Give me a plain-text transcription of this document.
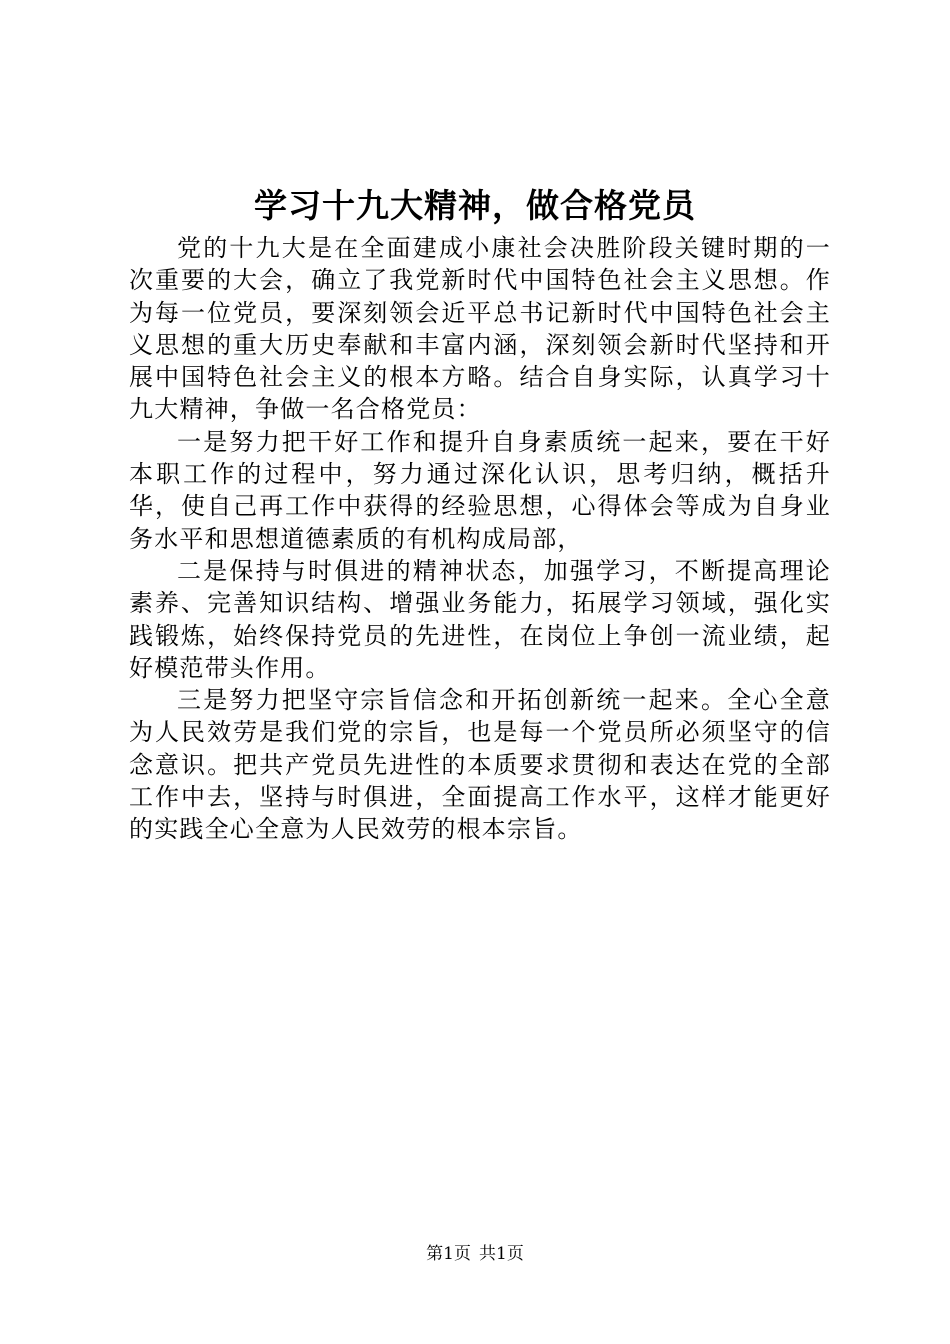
学习十九大精神，做合格党员

党的十九大是在全面建成小康社会决胜阶段关键时期的一次重要的大会，确立了我党新时代中国特色社会主义思想。作为每一位党员，要深刻领会近平总书记新时代中国特色社会主义思想的重大历史奉献和丰富内涵，深刻领会新时代坚持和开展中国特色社会主义的根本方略。结合自身实际，认真学习十九大精神，争做一名合格党员：

一是努力把干好工作和提升自身素质统一起来，要在干好本职工作的过程中，努力通过深化认识，思考归纳，概括升华，使自己再工作中获得的经验思想，心得体会等成为自身业务水平和思想道德素质的有机构成局部，

二是保持与时俱进的精神状态，加强学习，不断提高理论素养、完善知识结构、增强业务能力，拓展学习领域，强化实践锻炼，始终保持党员的先进性，在岗位上争创一流业绩，起好模范带头作用。

三是努力把坚守宗旨信念和开拓创新统一起来。全心全意为人民效劳是我们党的宗旨，也是每一个党员所必须坚守的信念意识。把共产党员先进性的本质要求贯彻和表达在党的全部工作中去，坚持与时俱进，全面提高工作水平，这样才能更好的实践全心全意为人民效劳的根本宗旨。

第1页 共1页
